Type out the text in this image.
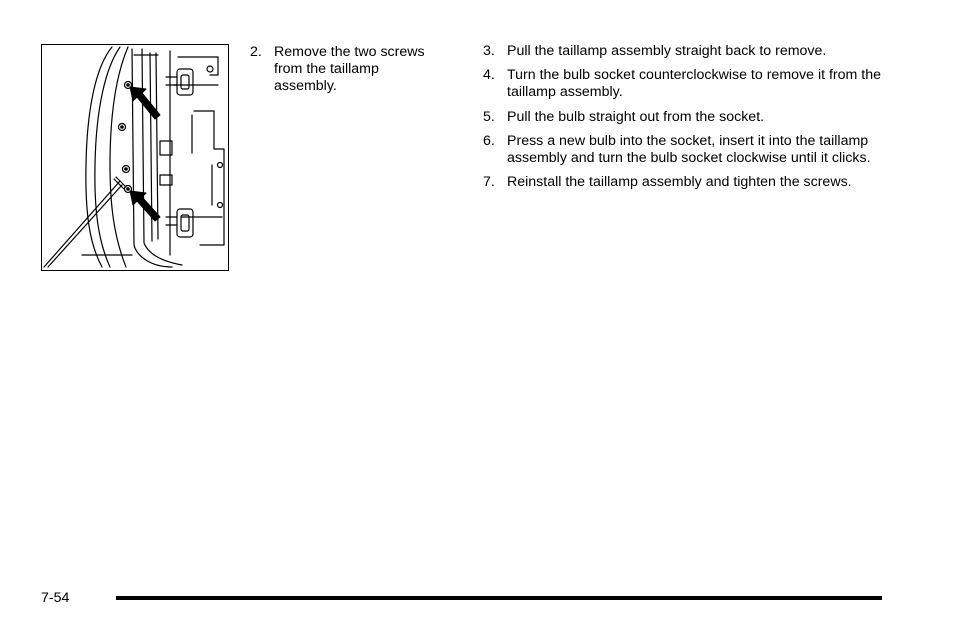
2. Remove the two screws from the taillamp assembly.
3. Pull the taillamp assembly straight back to remove.
4. Turn the bulb socket counterclockwise to remove it from the taillamp assembly.
5. Pull the bulb straight out from the socket.
6. Press a new bulb into the socket, insert it into the taillamp assembly and turn the bulb socket clockwise until it clicks.
7. Reinstall the taillamp assembly and tighten the screws.
7-54
